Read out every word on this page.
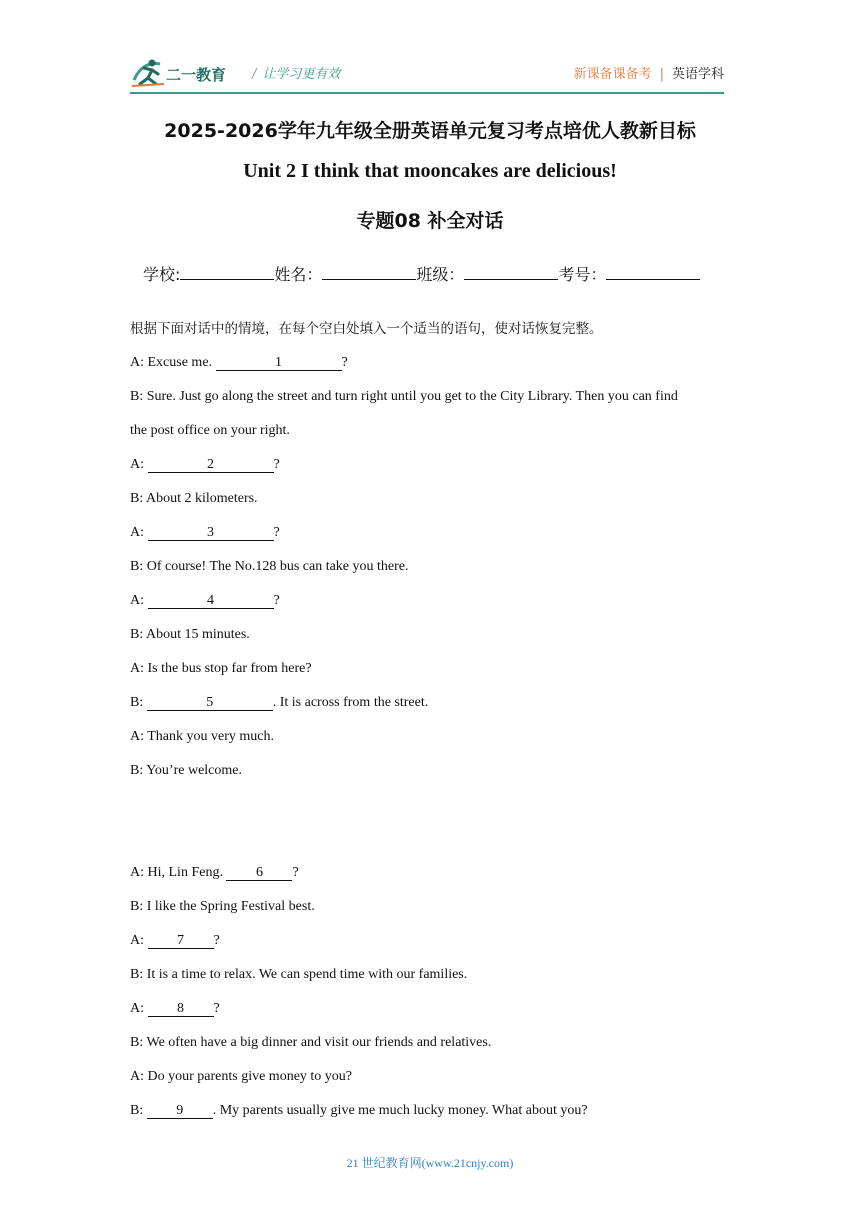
二一教育 / 让学习更有效	新课备课备考 | 英语学科
2025-2026学年九年级全册英语单元复习考点培优人教新目标
Unit 2 I think that mooncakes are delicious!
专题08 补全对话
学校:	姓名：	班级：	考号：
根据下面对话中的情境，在每个空白处填入一个适当的语句，使对话恢复完整。
A: Excuse me.	1	?
B: Sure. Just go along the street and turn right until you get to the City Library. Then you can find
the post office on your right.
A:	2	?
B: About 2 kilometers.
A:	3	?
B: Of course! The No.128 bus can take you there.
A:	4	?
B: About 15 minutes.
A: Is the bus stop far from here?
B:	5	. It is across from the street.
A: Thank you very much.
B: You’re welcome.
A: Hi, Lin Feng. 6 ?
B: I like the Spring Festival best.
A: 7 ?
B: It is a time to relax. We can spend time with our families.
A: 8 ?
B: We often have a big dinner and visit our friends and relatives.
A: Do your parents give money to you?
B: 9 . My parents usually give me much lucky money. What about you?
21 世纪教育网(www.21cnjy.com)
